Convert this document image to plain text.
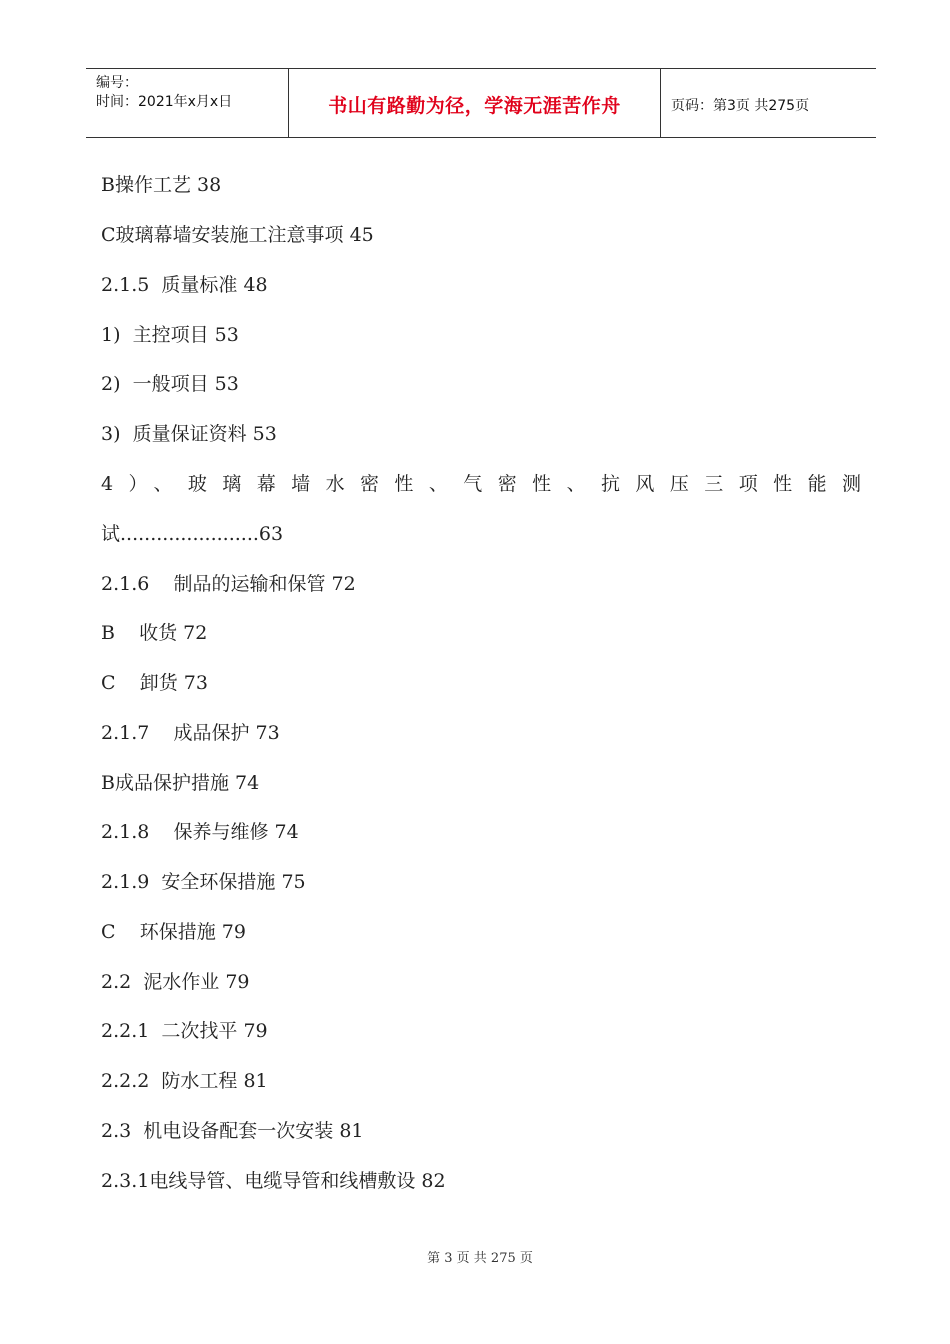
编号：
时间：2021年x月x日	书山有路勤为径，学海无涯苦作舟	页码：第3页 共275页
B操作工艺 38
C玻璃幕墙安装施工注意事项 45
2.1.5  质量标准 48
1)  主控项目 53
2)  一般项目 53
3)  质量保证资料 53
4）、玻璃幕墙水密性、气密性、抗风压三项性能测
试.......................63
2.1.6    制品的运输和保管 72
B    收货 72
C    卸货 73
2.1.7    成品保护 73
B成品保护措施 74
2.1.8    保养与维修 74
2.1.9  安全环保措施 75
C    环保措施 79
2.2  泥水作业 79
2.2.1  二次找平 79
2.2.2  防水工程 81
2.3  机电设备配套一次安装 81
2.3.1电线导管、电缆导管和线槽敷设 82
第 3 页 共 275 页
